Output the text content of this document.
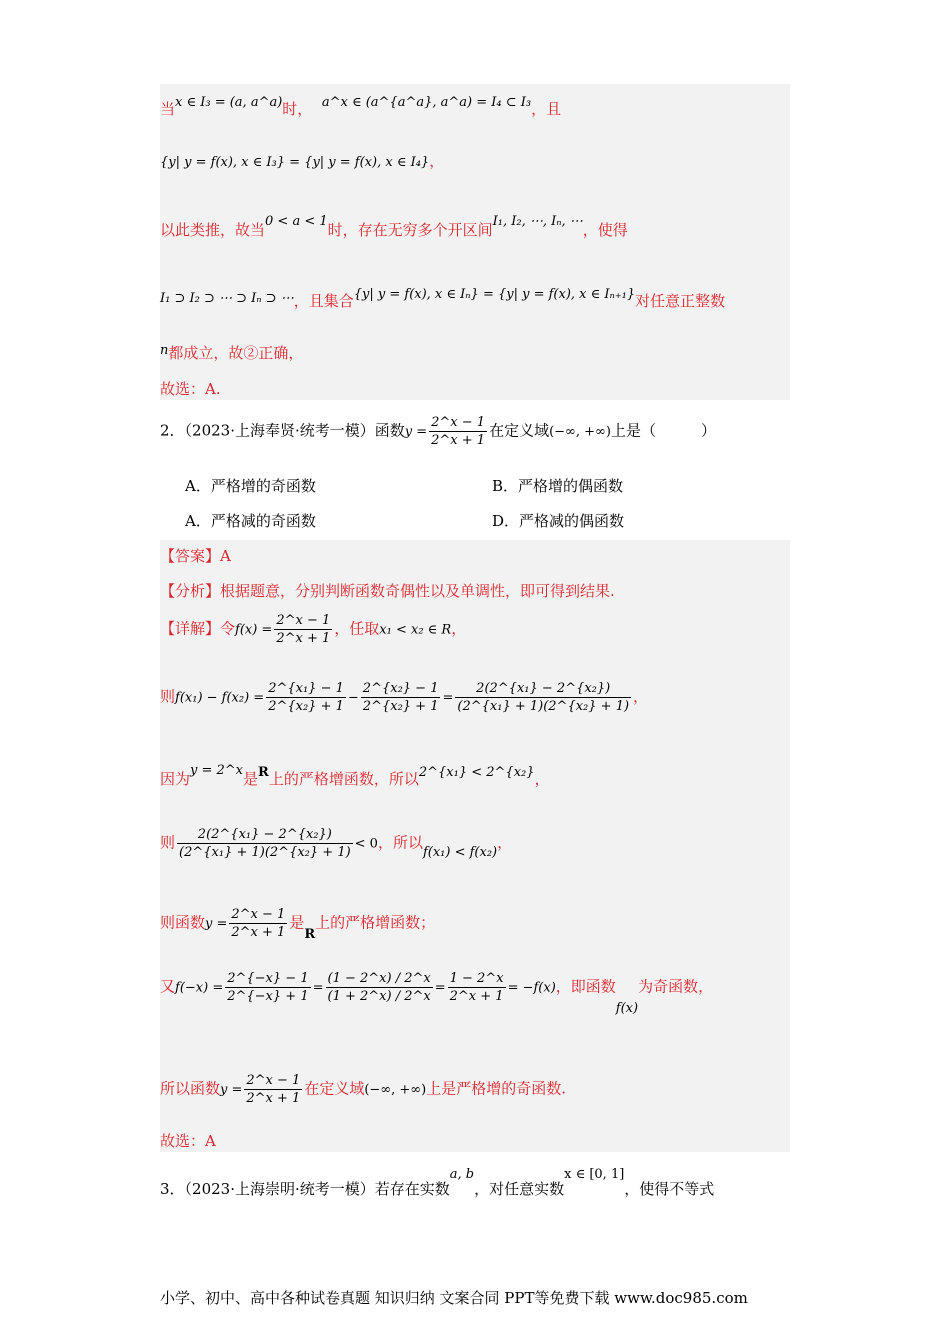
当x ∈ I₃ = (a, a^a)时， a^x ∈ (a^{a^a}, a^a) = I₄ ⊂ I₃，且
{y| y = f(x), x ∈ I₃} = {y| y = f(x), x ∈ I₄}，
以此类推，故当0 < a < 1时，存在无穷多个开区间I₁, I₂, ⋯, Iₙ, ⋯，使得
I₁ ⊃ I₂ ⊃ ⋯ ⊃ Iₙ ⊃ ⋯，且集合{y| y = f(x), x ∈ Iₙ} = {y| y = f(x), x ∈ Iₙ₊₁}对任意正整数
n都成立，故②正确，
故选：A.
2．（2023·上海奉贤·统考一模）函数$y = \frac{2\^{}x - 1}{2\^{}x + 1}$ 在定义域(−∞, +∞)上是（　　　）
A．严格增的奇函数	B．严格增的偶函数
A．严格减的奇函数	D．严格减的偶函数
【答案】A
【分析】根据题意，分别判断函数奇偶性以及单调性，即可得到结果.
【详解】令$f(x) = \frac{2\^{}x - 1}{2\^{}x + 1}$ ，任取x₁ < x₂ ∈ R，
则$f(x_1) - f(x_2) = \frac{\text{2\textasciicircum{}\{x₁\} − 1}}{\text{2\textasciicircum{}\{x₂\} + 1}} - \frac{\text{2\textasciicircum{}\{x₂\} − 1}}{\text{2\textasciicircum{}\{x₂\} + 1}} = \frac{\text{2(2\textasciicircum{}\{x₁\} − 2\textasciicircum{}\{x₂\})}}{\text{(2\textasciicircum{}\{x₁\} + 1)(2\textasciicircum{}\{x₂\} + 1)}}$ ，
因为y = 2^x是R上的严格增函数，所以2^{x₁} < 2^{x₂}，
则 $\frac{\text{2(2\textasciicircum{}\{x₁\} − 2\textasciicircum{}\{x₂\})}}{\text{(2\textasciicircum{}\{x₁\} + 1)(2\textasciicircum{}\{x₂\} + 1)}} < 0$，所以f(x₁) < f(x₂)，
则函数$y = \frac{2\^{}x - 1}{2\^{}x + 1}$ 是R上的严格增函数；
又$f(-x) = \frac{2\^{}\{-x\} - 1}{2\^{}\{-x\} + 1} = \frac{(1 - 2\^{}x) / 2\^{}x}{(1 + 2\^{}x) / 2\^{}x} = \frac{1 - 2\^{}x}{2\^{}x + 1} = -f(x)$，即函数f(x)为奇函数，
所以函数$y = \frac{2\^{}x - 1}{2\^{}x + 1}$ 在定义域(−∞, +∞)上是严格增的奇函数.
故选：A
3．（2023·上海崇明·统考一模）若存在实数a, b，对任意实数x ∈ [0, 1]，使得不等式
小学、初中、高中各种试卷真题 知识归纳 文案合同 PPT等免费下载 www.doc985.com
